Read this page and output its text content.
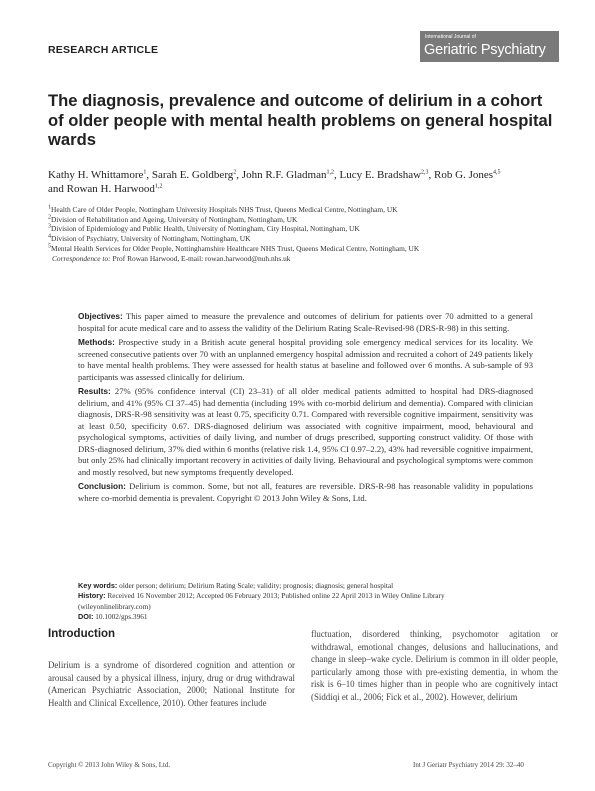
RESEARCH ARTICLE
International Journal of
Geriatric Psychiatry
The diagnosis, prevalence and outcome of delirium in a cohort of older people with mental health problems on general hospital wards
Kathy H. Whittamore$^1$, Sarah E. Goldberg$^2$, John R.F. Gladman$^{1,2}$, Lucy E. Bradshaw$^{2,3}$, Rob G. Jones$^{4,5}$
and Rowan H. Harwood$^{1,2}$
$^1$Health Care of Older People, Nottingham University Hospitals NHS Trust, Queens Medical Centre, Nottingham, UK
$^2$Division of Rehabilitation and Ageing, University of Nottingham, Nottingham, UK
$^3$Division of Epidemiology and Public Health, University of Nottingham, City Hospital, Nottingham, UK
$^4$Division of Psychiatry, University of Nottingham, Nottingham, UK
$^5$Mental Health Services for Older People, Nottinghamshire Healthcare NHS Trust, Queens Medical Centre, Nottingham, UK
Correspondence to: Prof Rowan Harwood, E-mail: rowan.harwood@nuh.nhs.uk

Objectives: This paper aimed to measure the prevalence and outcomes of delirium for patients over 70 admitted to a general hospital for acute medical care and to assess the validity of the Delirium Rating Scale-Revised-98 (DRS-R-98) in this setting.

Methods: Prospective study in a British acute general hospital providing sole emergency medical services for its locality. We screened consecutive patients over 70 with an unplanned emergency hospital admission and recruited a cohort of 249 patients likely to have mental health problems. They were assessed for health status at baseline and followed over 6 months. A sub-sample of 93 participants was assessed clinically for delirium.

Results: 27% (95% confidence interval (CI) 23–31) of all older medical patients admitted to hospital had DRS-diagnosed delirium, and 41% (95% CI 37–45) had dementia (including 19% with co-morbid delirium and dementia). Compared with clinician diagnosis, DRS-R-98 sensitivity was at least 0.75, specificity 0.71. Compared with reversible cognitive impairment, sensitivity was at least 0.50, specificity 0.67. DRS-diagnosed delirium was associated with cognitive impairment, mood, behavioural and psychological symptoms, activities of daily living, and number of drugs prescribed, supporting construct validity. Of those with DRS-diagnosed delirium, 37% died within 6 months (relative risk 1.4, 95% CI 0.97–2.2), 43% had reversible cognitive impairment, but only 25% had clinically important recovery in activities of daily living. Behavioural and psychological symptoms were common and mostly resolved, but new symptoms frequently developed.

Conclusion: Delirium is common. Some, but not all, features are reversible. DRS-R-98 has reasonable validity in populations where co-morbid dementia is prevalent. Copyright © 2013 John Wiley & Sons, Ltd.

Key words: older person; delirium; Delirium Rating Scale; validity; prognosis; diagnosis; general hospital
History: Received 16 November 2012; Accepted 06 February 2013; Published online 22 April 2013 in Wiley Online Library
(wileyonlinelibrary.com)
DOI: 10.1002/gps.3961
Introduction
Delirium is a syndrome of disordered cognition and attention or arousal caused by a physical illness, injury, drug or drug withdrawal (American Psychiatric Association, 2000; National Institute for Health and Clinical Excellence, 2010). Other features include
fluctuation, disordered thinking, psychomotor agitation or withdrawal, emotional changes, delusions and hallucinations, and change in sleep–wake cycle. Delirium is common in ill older people, particularly among those with pre-existing dementia, in whom the risk is 6–10 times higher than in people who are cognitively intact (Siddiqi et al., 2006; Fick et al., 2002). However, delirium
Copyright © 2013 John Wiley & Sons, Ltd.	Int J Geriatr Psychiatry 2014 29: 32–40
